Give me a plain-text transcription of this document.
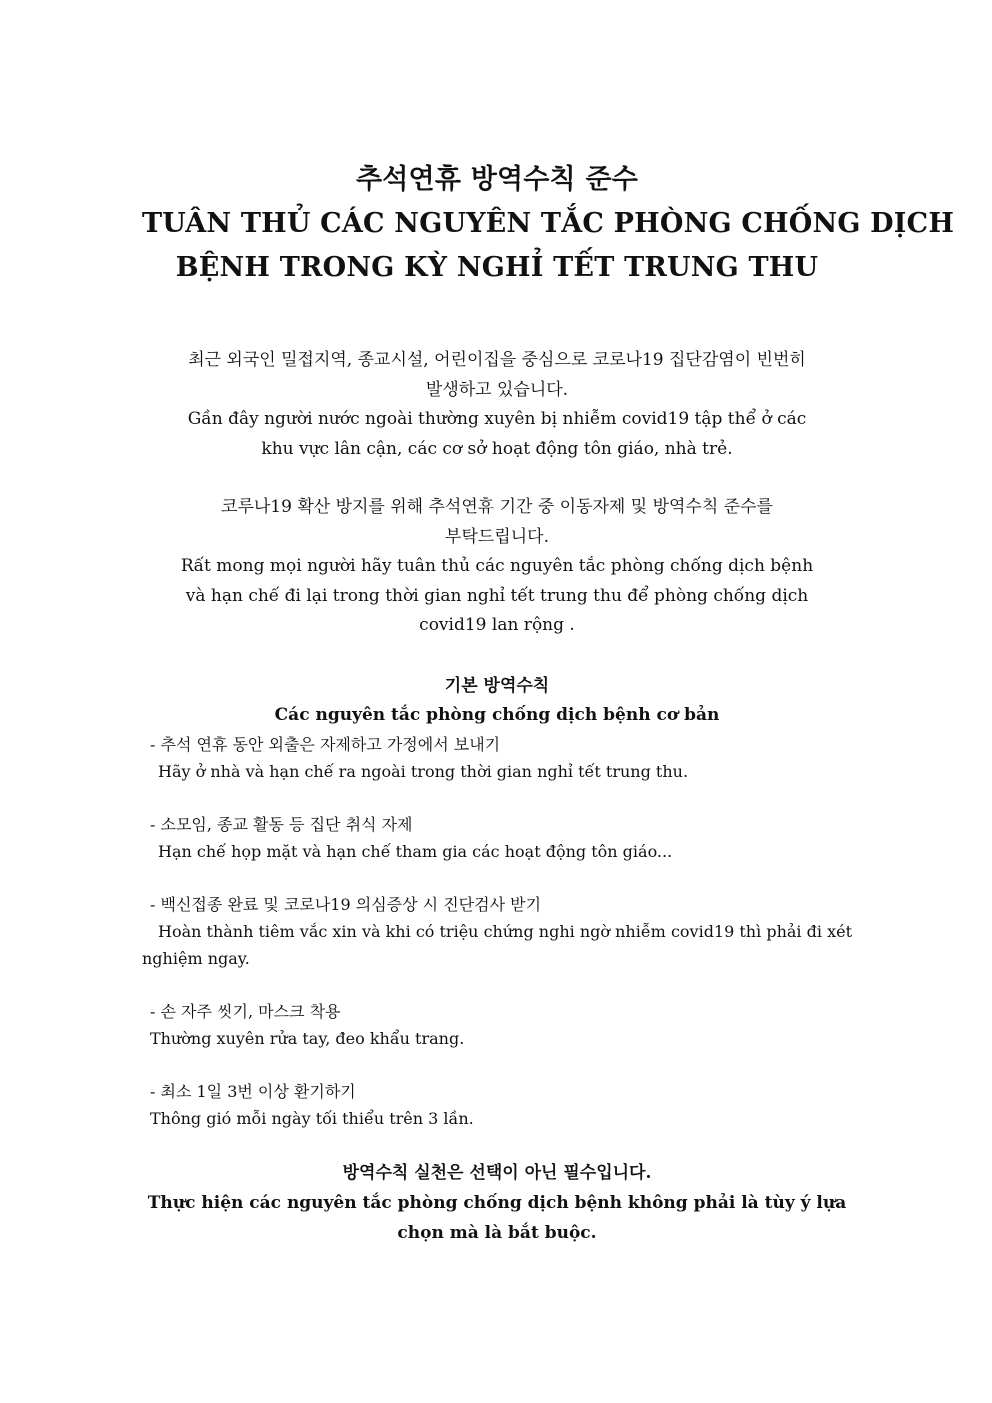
추석연휴 방역수칙 준수
TUÂN THỦ CÁC NGUYÊN TẮC PHÒNG CHỐNG DỊCH
BỆNH TRONG KỲ NGHỈ TẾT TRUNG THU

최근 외국인 밀접지역, 종교시설, 어린이집을 중심으로 코로나19 집단감염이 빈번히

발생하고 있습니다.

Gần đây người nước ngoài thường xuyên bị nhiễm covid19 tập thể ở các

khu vực lân cận, các cơ sở hoạt động tôn giáo, nhà trẻ.

코루나19 확산 방지를 위해 추석연휴 기간 중 이동자제 및 방역수칙 준수를

부탁드립니다.

Rất mong mọi người hãy tuân thủ các nguyên tắc phòng chống dịch bệnh

và hạn chế đi lại trong thời gian nghỉ tết trung thu để phòng chống dịch

covid19 lan rộng .

기본 방역수칙
Các nguyên tắc phòng chống dịch bệnh cơ bản
- 추석 연휴 동안 외출은 자제하고 가정에서 보내기
Hãy ở nhà và hạn chế ra ngoài trong thời gian nghỉ tết trung thu.
- 소모임, 종교 활동 등 집단 취식 자제
Hạn chế họp mặt và hạn chế tham gia các hoạt động tôn giáo...
- 백신접종 완료 및 코로나19 의심증상 시 진단검사 받기
Hoàn thành tiêm vắc xin và khi có triệu chứng nghi ngờ nhiễm covid19 thì phải đi xét nghiệm ngay.
- 손 자주 씻기, 마스크 착용
Thường xuyên rửa tay, đeo khẩu trang.
- 최소 1일 3번 이상 환기하기
Thông gió mỗi ngày tối thiểu trên 3 lần.

방역수칙 실천은 선택이 아닌 필수입니다.

Thực hiện các nguyên tắc phòng chống dịch bệnh không phải là tùy ý lựa

chọn mà là bắt buộc.
